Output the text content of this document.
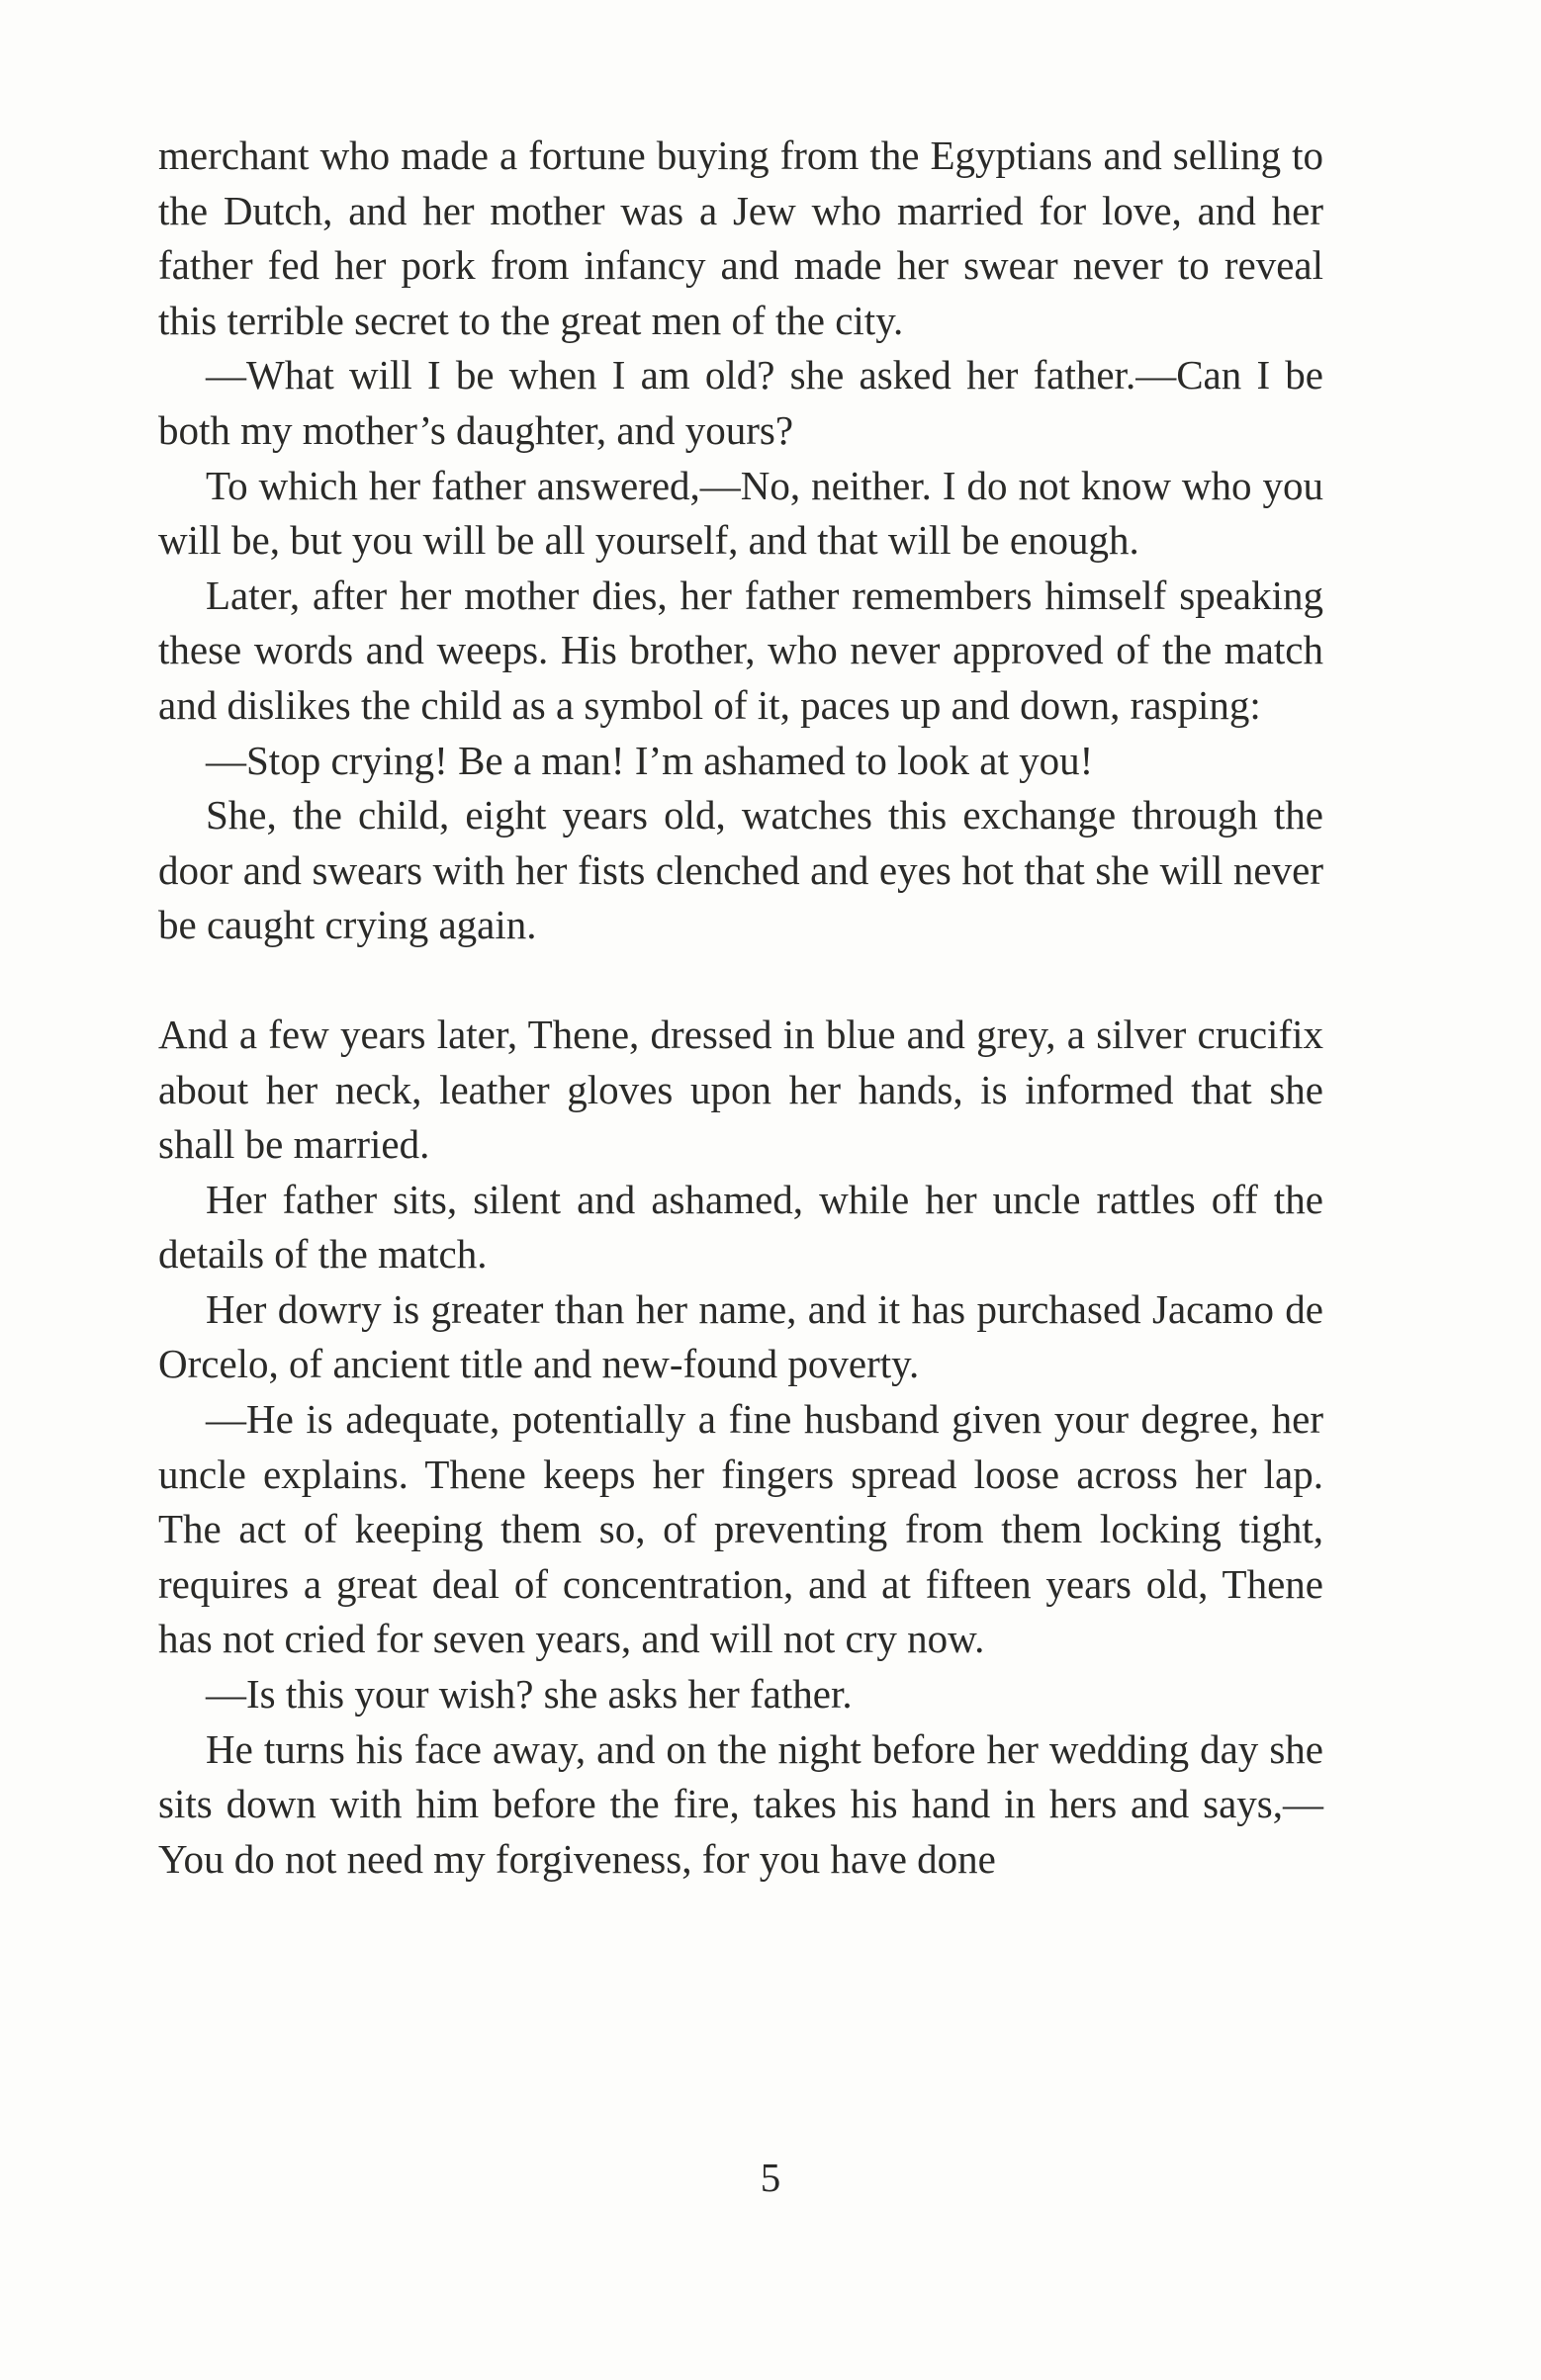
merchant who made a fortune buying from the Egyptians and selling to the Dutch, and her mother was a Jew who married for love, and her father fed her pork from infancy and made her swear never to reveal this terrible secret to the great men of the city.

—What will I be when I am old? she asked her father.—Can I be both my mother’s daughter, and yours?

To which her father answered,—No, neither. I do not know who you will be, but you will be all yourself, and that will be enough.

Later, after her mother dies, her father remembers himself speaking these words and weeps. His brother, who never approved of the match and dislikes the child as a symbol of it, paces up and down, rasping:

—Stop crying! Be a man! I’m ashamed to look at you!

She, the child, eight years old, watches this exchange through the door and swears with her fists clenched and eyes hot that she will never be caught crying again.

And a few years later, Thene, dressed in blue and grey, a silver crucifix about her neck, leather gloves upon her hands, is informed that she shall be married.

Her father sits, silent and ashamed, while her uncle rattles off the details of the match.

Her dowry is greater than her name, and it has purchased Jacamo de Orcelo, of ancient title and new-found poverty.

—He is adequate, potentially a fine husband given your degree, her uncle explains. Thene keeps her fingers spread loose across her lap. The act of keeping them so, of preventing from them locking tight, requires a great deal of concentration, and at fifteen years old, Thene has not cried for seven years, and will not cry now.

—Is this your wish? she asks her father.

He turns his face away, and on the night before her wedding day she sits down with him before the fire, takes his hand in hers and says,—You do not need my forgiveness, for you have done

5
